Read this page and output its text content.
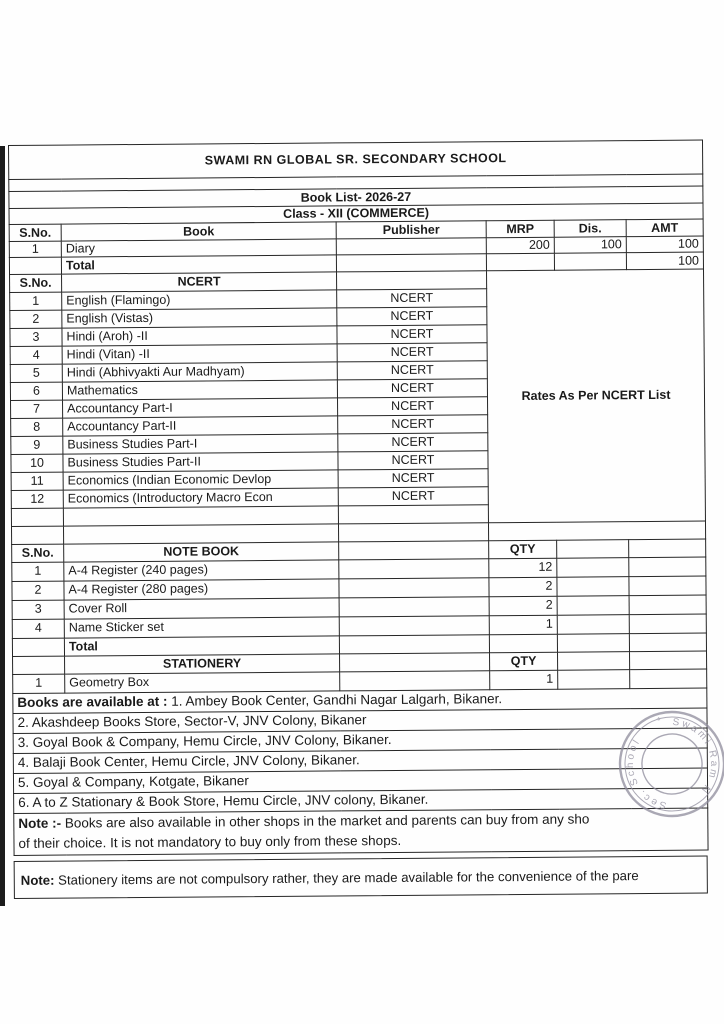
SWAMI RN GLOBAL SR. SECONDARY SCHOOL					

Book List- 2026-27					
Class - XII (COMMERCE)					
S.No.	Book	Publisher	MRP	Dis.	AMT
1	Diary		200	100	100
	Total				100
S.No.	NCERT		Rates As Per NCERT List		
1	English (Flamingo)	NCERT			
2	English (Vistas)	NCERT			
3	Hindi (Aroh) -II	NCERT			
4	Hindi (Vitan) -II	NCERT			
5	Hindi (Abhivyakti Aur Madhyam)	NCERT			
6	Mathematics	NCERT			
7	Accountancy Part-I	NCERT			
8	Accountancy Part-II	NCERT			
9	Business Studies Part-I	NCERT			
10	Business Studies Part-II	NCERT			
11	Economics (Indian Economic Devlop	NCERT			
12	Economics (Introductory Macro Econ	NCERT			

S.No.	NOTE BOOK		QTY		
1	A-4 Register (240 pages)		12		
2	A-4 Register (280 pages)		2		
3	Cover Roll		2		
4	Name Sticker set		1		
	Total				
	STATIONERY		QTY		
1	Geometry Box		1		
Books are available at : 1. Ambey Book Center, Gandhi Nagar Lalgarh, Bikaner.					
2. Akashdeep Books Store, Sector-V, JNV Colony, Bikaner					
3. Goyal Book & Company, Hemu Circle, JNV Colony, Bikaner.					
4. Balaji Book Center, Hemu Circle, JNV Colony, Bikaner.					
5. Goyal & Company, Kotgate, Bikaner					
6. A to Z Stationary & Book Store, Hemu Circle, JNV colony, Bikaner.					

Note :- Books are also available in other shops in the market and parents can buy from any sho
of their choice. It is not mandatory to buy only from these shops.					
Note: Stationery items are not compulsory rather, they are made available for the convenience of the pare
Swami Ram N
Sec. School
*
